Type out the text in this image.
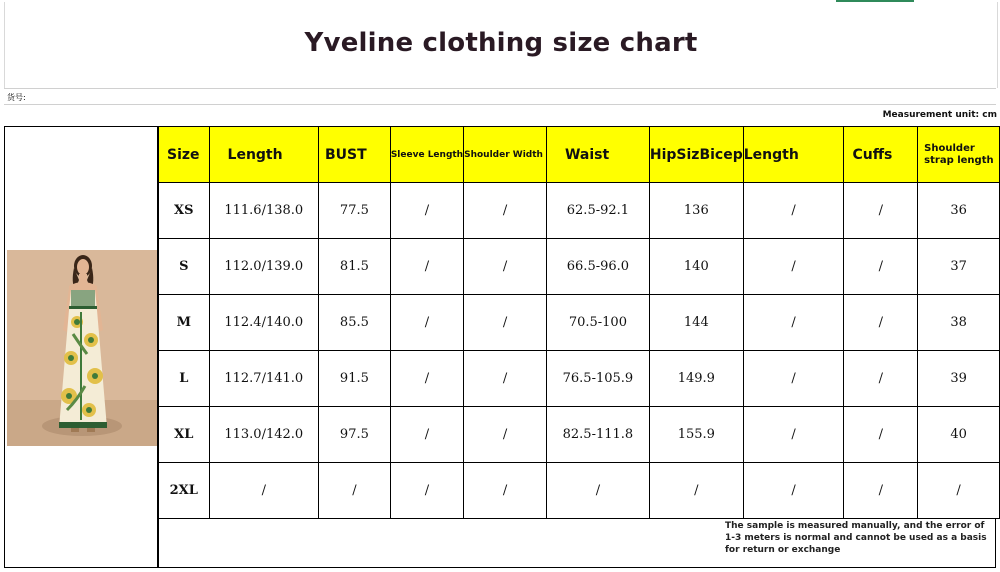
Yveline clothing size chart
货号:
Measurement unit: cm
Size	Length	BUST	Sleeve Length	Shoulder Width	Waist	HipSizBicep	Length	Cuffs	Shoulder strap length
XS	111.6/138.0	77.5	/	/	62.5-92.1	136	/	/	36
S	112.0/139.0	81.5	/	/	66.5-96.0	140	/	/	37
M	112.4/140.0	85.5	/	/	70.5-100	144	/	/	38
L	112.7/141.0	91.5	/	/	76.5-105.9	149.9	/	/	39
XL	113.0/142.0	97.5	/	/	82.5-111.8	155.9	/	/	40
2XL	/	/	/	/	/	/	/	/	/
The sample is measured manually, and the error of 1-3 meters is normal and cannot be used as a basis for return or exchange
